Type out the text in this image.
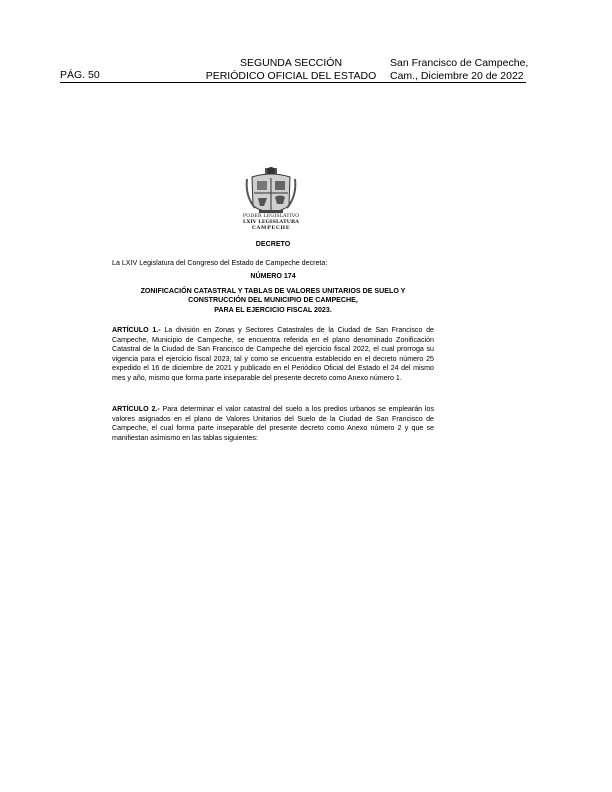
PÁG. 50
SEGUNDA SECCIÓN
PERIÓDICO OFICIAL DEL ESTADO
San Francisco de Campeche,
Cam., Diciembre 20 de 2022
PODER LEGISLATIVO
LXIV LEGISLATURA
CAMPECHE
DECRETO
La LXIV Legislatura del Congreso del Estado de Campeche decreta:
NÚMERO 174
ZONIFICACIÓN CATASTRAL Y TABLAS DE VALORES UNITARIOS DE SUELO Y
CONSTRUCCIÓN DEL MUNICIPIO DE CAMPECHE,
PARA EL EJERCICIO FISCAL 2023.
ARTÍCULO 1.- La división en Zonas y Sectores Catastrales de la Ciudad de San Francisco de Campeche, Municipio de Campeche, se encuentra referida en el plano denominado Zonificación Catastral de la Ciudad de San Francisco de Campeche del ejercicio fiscal 2022, el cual prorroga su vigencia para el ejercicio fiscal 2023, tal y como se encuentra establecido en el decreto número 25 expedido el 16 de diciembre de 2021 y publicado en el Periódico Oficial del Estado el 24 del mismo mes y año, mismo que forma parte inseparable del presente decreto como Anexo número 1.
ARTÍCULO 2.- Para determinar el valor catastral del suelo a los predios urbanos se emplearán los valores asignados en el plano de Valores Unitarios del Suelo de la Ciudad de San Francisco de Campeche, el cual forma parte inseparable del presente decreto como Anexo número 2 y que se manifiestan asimismo en las tablas siguientes:
